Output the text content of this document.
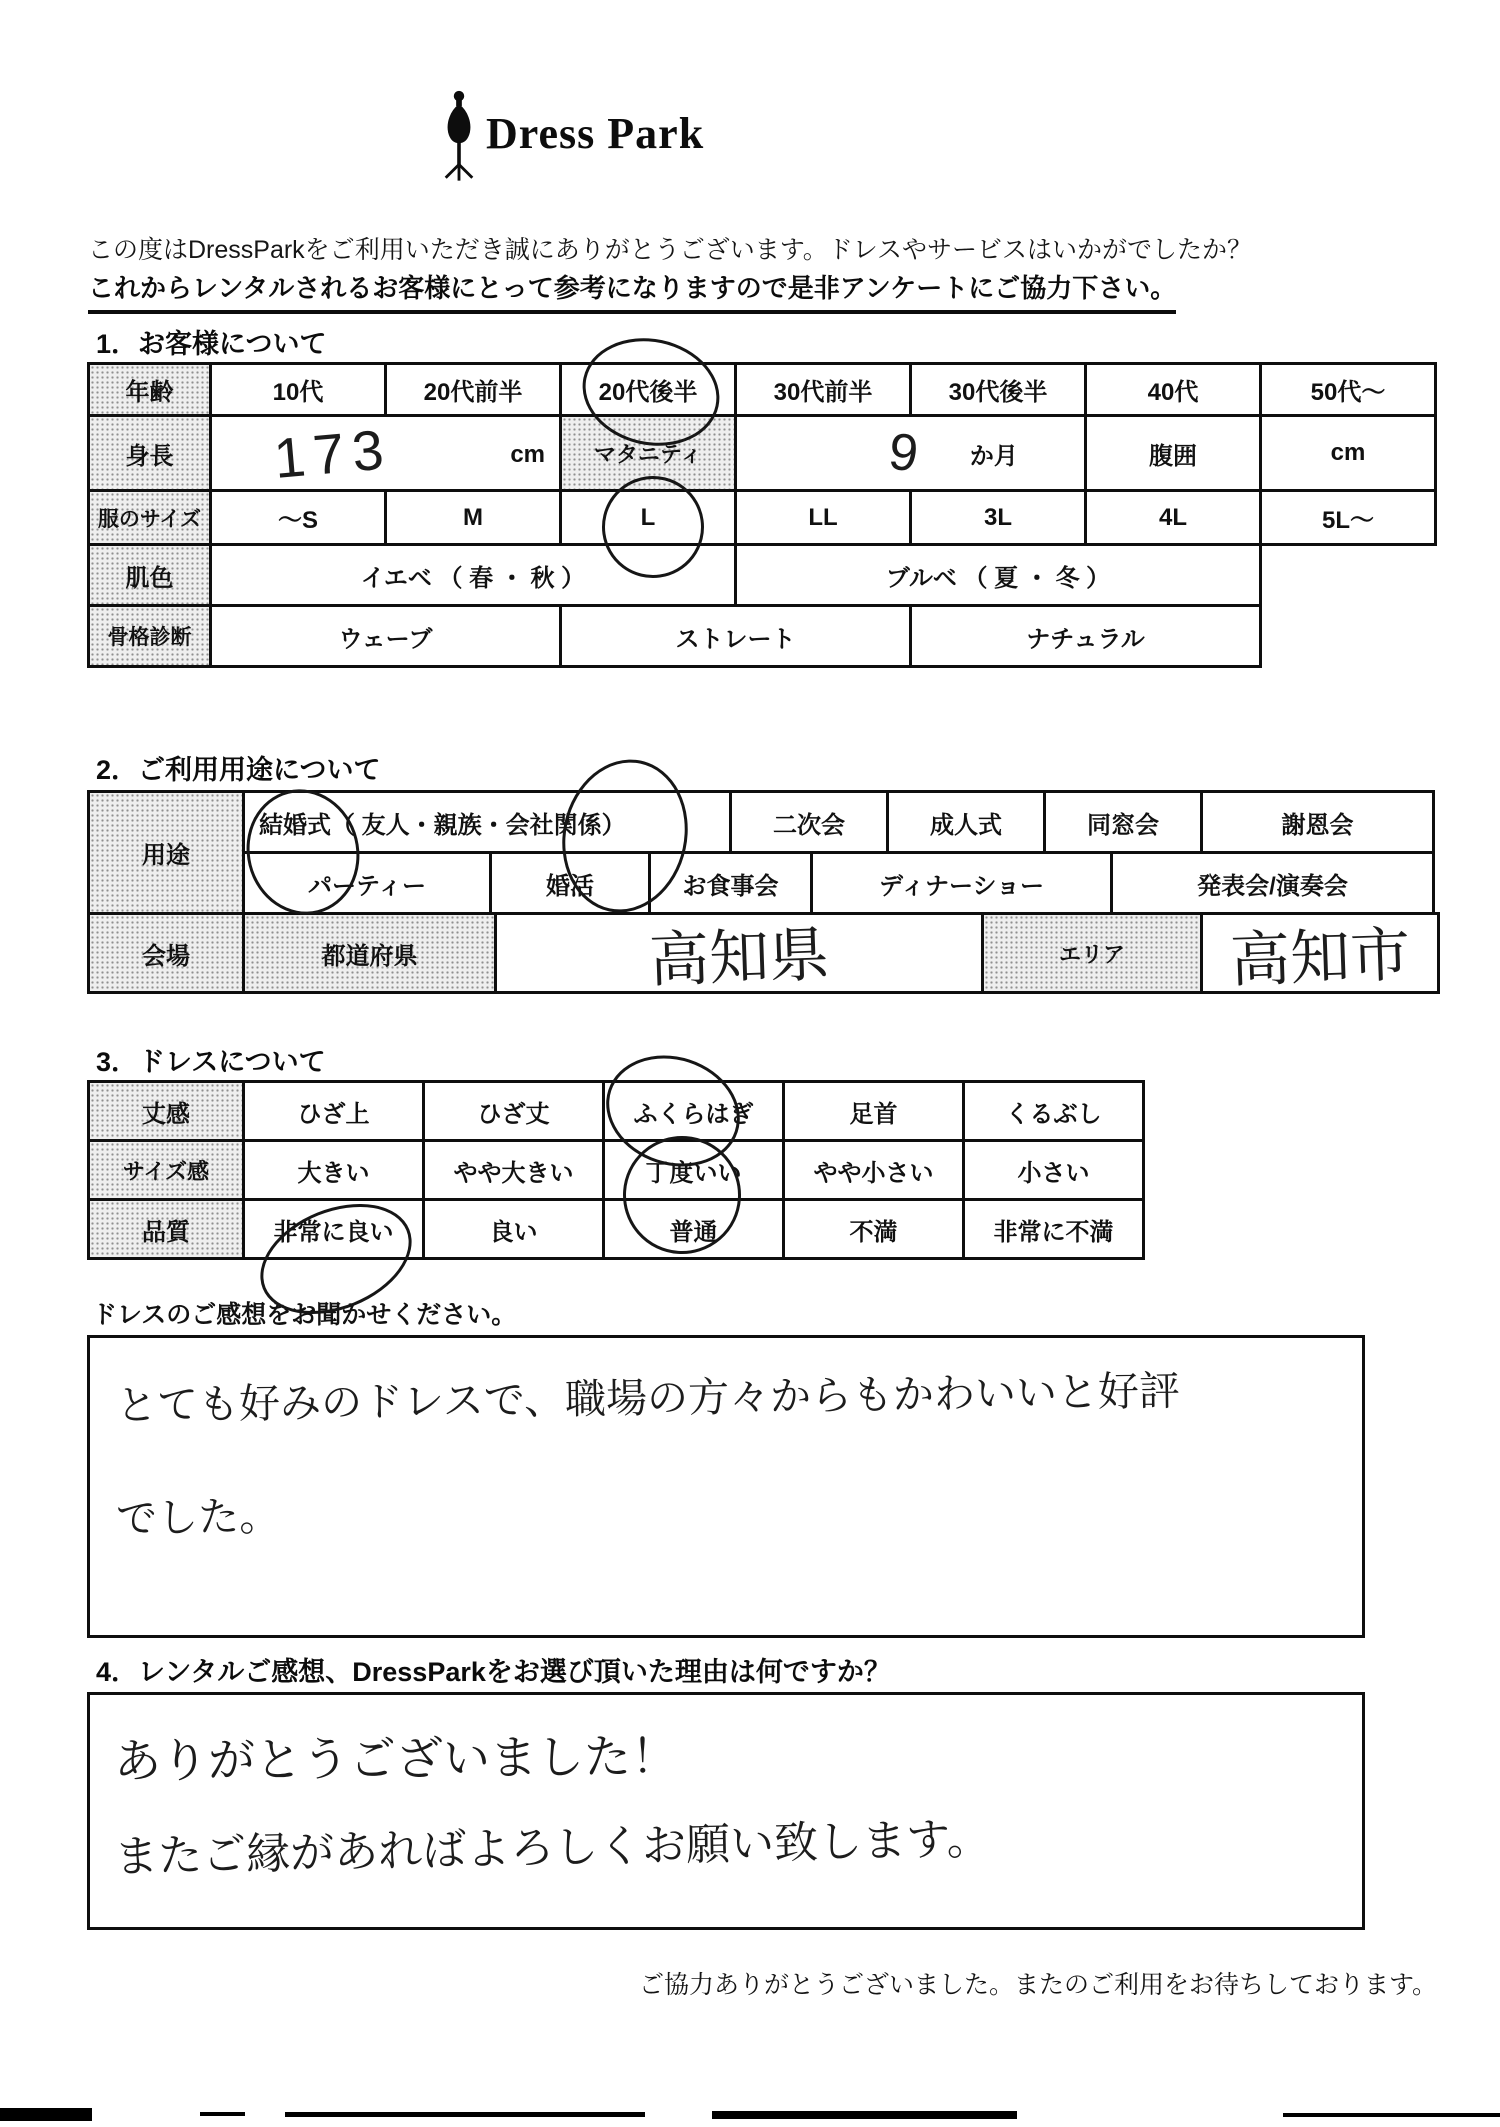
Dress Park
この度はDressParkをご利用いただき誠にありがとうございます。ドレスやサービスはいかがでしたか？
これからレンタルされるお客様にとって参考になりますので是非アンケートにご協力下さい。
1．お客様について
年齢	10代	20代前半	20代後半	30代前半	30代後半	40代	50代～
身長	173	cm	マタニティ	9 か月	腹囲	cm
服のサイズ	～S	M	L	LL	3L	4L	5L～
肌色	イエベ （ 春 ・ 秋 ）	ブルベ （ 夏 ・ 冬 ）
骨格診断	ウェーブ	ストレート	ナチュラル
2．ご利用用途について
用途
結婚式 （ 友人・親族・ 会社関係 ）	二次会	成人式	同窓会	謝恩会
パーティー	婚活	お食事会	ディナーショー	発表会/演奏会
会場	都道府県	高知県	エリア	高知市
3．ドレスについて
丈感	ひざ上	ひざ丈	ふくらはぎ	足首	くるぶし
サイズ感	大きい	やや大きい	丁度いい	やや小さい	小さい
品質	非常に良い	良い	普通	不満	非常に不満
ドレスのご感想をお聞かせください。
とても好みのドレスで、職場の方々からもかわいいと好評
でした。
4．レンタルご感想、DressParkをお選び頂いた理由は何ですか？
ありがとうございました！
またご縁があればよろしくお願い致します。
ご協力ありがとうございました。またのご利用をお待ちしております。
